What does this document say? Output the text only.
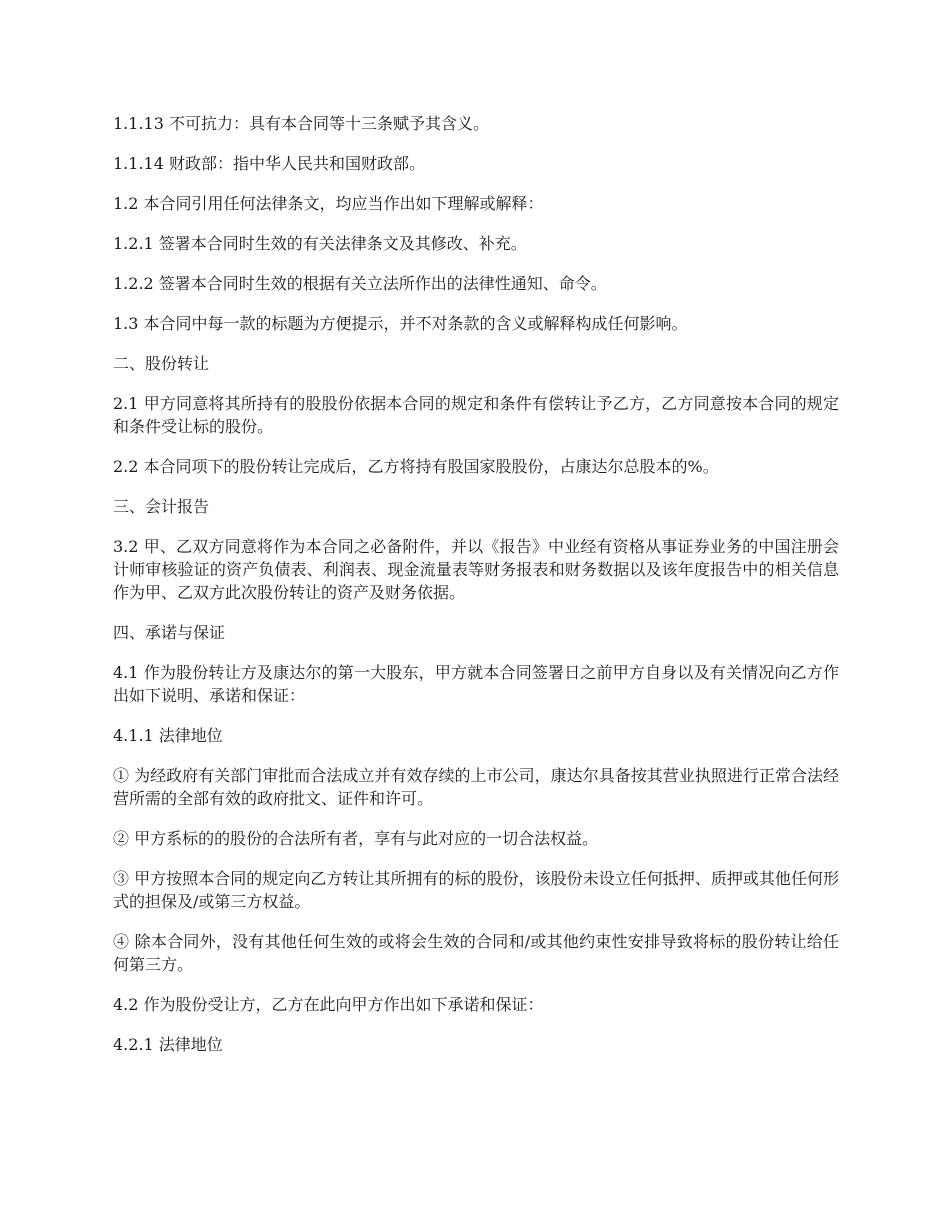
1.1.13 不可抗力：具有本合同等十三条赋予其含义。

1.1.14 财政部：指中华人民共和国财政部。

1.2 本合同引用任何法律条文，均应当作出如下理解或解释：

1.2.1 签署本合同时生效的有关法律条文及其修改、补充。

1.2.2 签署本合同时生效的根据有关立法所作出的法律性通知、命令。

1.3 本合同中每一款的标题为方便提示，并不对条款的含义或解释构成任何影响。

二、股份转让

2.1 甲方同意将其所持有的股股份依据本合同的规定和条件有偿转让予乙方，乙方同意按本合同的规定和条件受让标的股份。

2.2 本合同项下的股份转让完成后，乙方将持有股国家股股份，占康达尔总股本的%。

三、会计报告

3.2 甲、乙双方同意将作为本合同之必备附件，并以《报告》中业经有资格从事证券业务的中国注册会计师审核验证的资产负债表、利润表、现金流量表等财务报表和财务数据以及该年度报告中的相关信息作为甲、乙双方此次股份转让的资产及财务依据。

四、承诺与保证

4.1 作为股份转让方及康达尔的第一大股东，甲方就本合同签署日之前甲方自身以及有关情况向乙方作出如下说明、承诺和保证：

4.1.1 法律地位

① 为经政府有关部门审批而合法成立并有效存续的上市公司，康达尔具备按其营业执照进行正常合法经营所需的全部有效的政府批文、证件和许可。

② 甲方系标的的股份的合法所有者，享有与此对应的一切合法权益。

③ 甲方按照本合同的规定向乙方转让其所拥有的标的股份，该股份未设立任何抵押、质押或其他任何形式的担保及/或第三方权益。

④ 除本合同外，没有其他任何生效的或将会生效的合同和/或其他约束性安排导致将标的股份转让给任何第三方。

4.2 作为股份受让方，乙方在此向甲方作出如下承诺和保证：

4.2.1 法律地位
